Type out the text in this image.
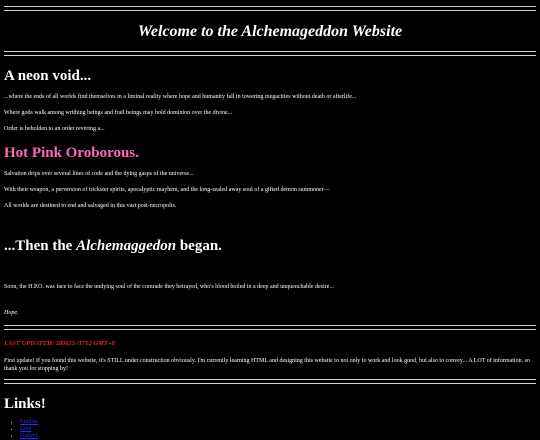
Welcome to the Alchemageddon Website
A neon void...

...where the ends of all worlds find themselves in a liminal reality where hope and humanity fall in towering megacities without death or afterlife...

Where gods walk among writhing beings and frail beings may hold dominion over the divine...

Order is beholden to an order revering a...

Hot Pink Oroborous.

Salvation drips over several lines of code and the dying gasps of the universe...

With their weapon, a perversion of trickster spirits, apocalyptic mayhem, and the long-sealed away soul of a gifted demon summoner—

All worlds are destined to end and salvaged in this vast post-necropolis.

...Then the Alchemaggedon began.

Soon, the H.P.O. was face to face the undying soul of the comrade they betrayed, who's blood boiled in a deep and unquenchable desire...

Hope.

LAST UPDATED: 280625//1712 GMT+8
First update! If you found this website, it's STILL under construction obviously. I'm currently learning HTML and designing this website to not only to work and look good, but also to convey... A LOT of information. so thank you for stopping by!
Links!
• Entities
• Lore
• Gallery
